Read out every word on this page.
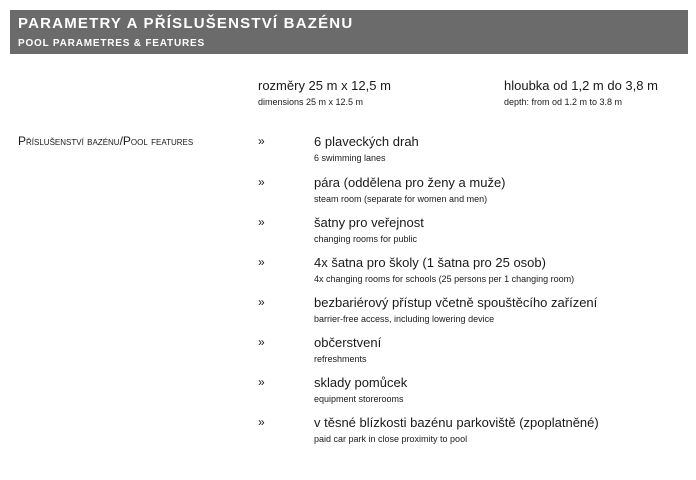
PARAMETRY A PŘÍSLUŠENSTVÍ BAZÉNU
POOL PARAMETRES & FEATURES
rozměry 25 m x 12,5 m
dimensions 25 m x 12.5 m
hloubka od 1,2 m do 3,8 m
depth: from od 1.2 m to 3.8 m
Příslušenství bazénu/Pool features	»	6 plaveckých drah
6 swimming lanes
»	pára (oddělena pro ženy a muže)
steam room (separate for women and men)
»	šatny pro veřejnost
changing rooms for public
»	4x šatna pro školy (1 šatna pro 25 osob)
4x changing rooms for schools (25 persons per 1 changing room)
»	bezbariérový přístup včetně spouštěcího zařízení
barrier-free access, including lowering device
»	občerstvení
refreshments
»	sklady pomůcek
equipment storerooms
»	v těsné blízkosti bazénu parkoviště (zpoplatněné)
paid car park in close proximity to pool
